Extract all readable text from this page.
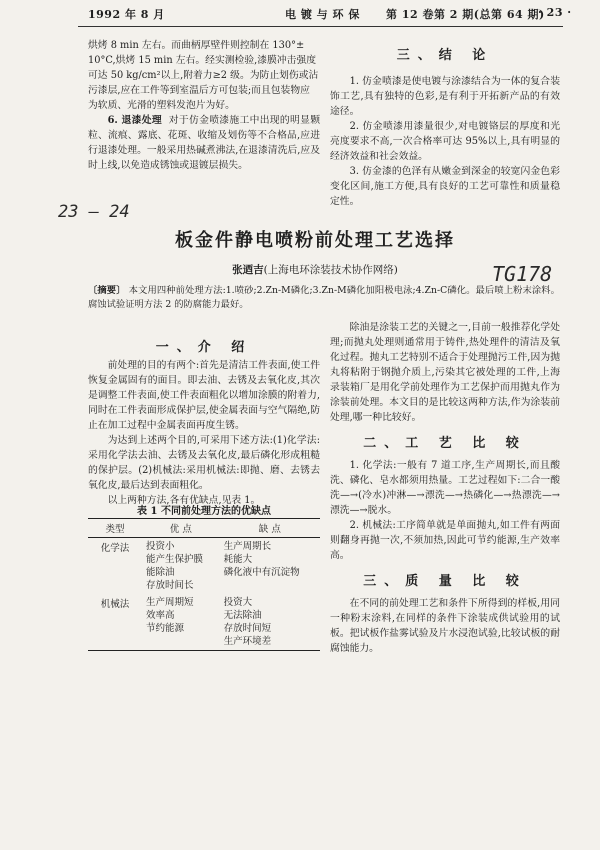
1992 年 8 月	电 镀 与 环 保 第 12 卷第 2 期(总第 64 期)
· 23 ·

烘烤 8 min 左右。而曲柄厚壁件则控制在 130°±

10°C,烘烤 15 min 左右。经实测检验,漆膜冲击强度

可达 50 kg/cm²以上,附着力≥2 级。为防止划伤或沾

污漆层,应在工件等到室温后方可包装;而且包装物应

为软质、光滑的塑料发泡片为好。

6. 退漆处理 对于仿金喷漆施工中出现的明显颗粒、流痕、露底、花斑、收缩及划伤等不合格品,应进行退漆处理。一般采用热碱煮沸法,在退漆清洗后,应及时上线,以免造成锈蚀或退镀层损失。

三、结 论

1. 仿金喷漆是使电镀与涂漆结合为一体的复合装饰工艺,具有独特的色彩,是有利于开拓新产品的有效途径。

2. 仿金喷漆用漆量很少,对电镀铬层的厚度和光亮度要求不高,一次合格率可达 95%以上,具有明显的经济效益和社会效益。

3. 仿金漆的色泽有从嫩金到深金的较宽闪金色彩变化区间,施工方便,具有良好的工艺可靠性和质量稳定性。

23 — 24
TG178
板金件静电喷粉前处理工艺选择
张迺吉(上海电环涂装技术协作网络)

〔摘要〕 本文用四种前处理方法:1.喷砂;2.Zn-M磷化;3.Zn-M磷化加阳极电泳;4.Zn-C磷化。最后喷上粉末涂料。腐蚀试验证明方法 2 的防腐能力最好。

一、介 绍

前处理的目的有两个:首先是清洁工件表面,使工件恢复金属固有的面目。即去油、去锈及去氧化皮,其次是调整工件表面,使工件表面粗化以增加涂膜的附着力,同时在工件表面形成保护层,使金属表面与空气隔绝,防止在加工过程中金属表面再度生锈。

为达到上述两个目的,可采用下述方法:(1)化学法:采用化学法去油、去锈及去氧化皮,最后磷化形成粗糙的保护层。(2)机械法:采用机械法:即抛、磨、去锈去氧化皮,最后达到表面粗化。

以上两种方法,各有优缺点,见表 1。

表 1 不同前处理方法的优缺点
类型	优 点	缺 点
化学法	投资小
能产生保护膜
能除油
存放时间长	生产周期长
耗能大
磷化液中有沉淀物

机械法	生产周期短
效率高
节约能源	投资大
无法除油
存放时间短
生产环境差

除油是涂装工艺的关键之一,目前一般推荐化学处理;而抛丸处理则通常用于铸件,热处理件的清洁及氧化过程。抛丸工艺特别不适合于处理抛污工件,因为抛丸将粘附于钢抛介质上,污染其它被处理的工件,上海录装箱厂是用化学前处理作为工艺保护而用抛丸作为涂装前处理。本文目的是比较这两种方法,作为涂装前处理,哪一种比较好。

二、工 艺 比 较

1. 化学法:一般有 7 道工序,生产周期长,而且酸洗、磷化、皂水都须用热量。工艺过程如下:二合一酸洗—→(冷水)冲淋—→漂洗—→热磷化—→热漂洗—→漂洗—→脱水。

2. 机械法:工序简单就是单面抛丸,如工件有两面则翻身再抛一次,不须加热,因此可节约能源,生产效率高。

三、质 量 比 较

在不同的前处理工艺和条件下所得到的样板,用同一种粉末涂料,在同样的条件下涂装成供试验用的试板。把试板作盐雾试验及片水浸泡试验,比较试板的耐腐蚀能力。
